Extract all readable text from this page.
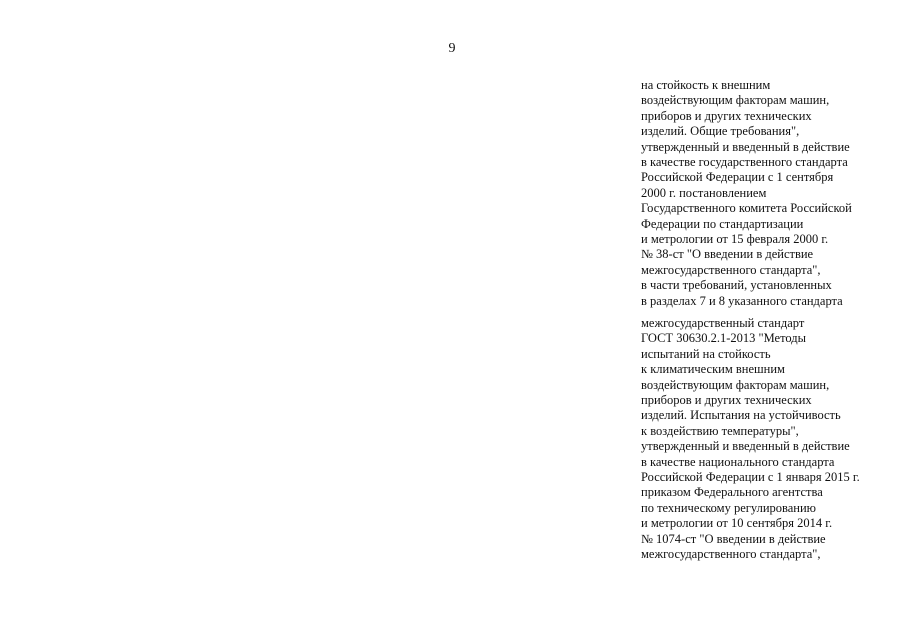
9
на стойкость к внешним
воздействующим факторам машин,
приборов и других технических
изделий. Общие требования",
утвержденный и введенный в действие
в качестве государственного стандарта
Российской Федерации с 1 сентября
2000 г. постановлением
Государственного комитета Российской
Федерации по стандартизации
и метрологии от 15 февраля 2000 г.
№ 38-ст "О введении в действие
межгосударственного стандарта",
в части требований, установленных
в разделах 7 и 8 указанного стандарта
межгосударственный стандарт
ГОСТ 30630.2.1-2013 "Методы
испытаний на стойкость
к климатическим внешним
воздействующим факторам машин,
приборов и других технических
изделий. Испытания на устойчивость
к воздействию температуры",
утвержденный и введенный в действие
в качестве национального стандарта
Российской Федерации с 1 января 2015 г.
приказом Федерального агентства
по техническому регулированию
и метрологии от 10 сентября 2014 г.
№ 1074-ст "О введении в действие
межгосударственного стандарта",
